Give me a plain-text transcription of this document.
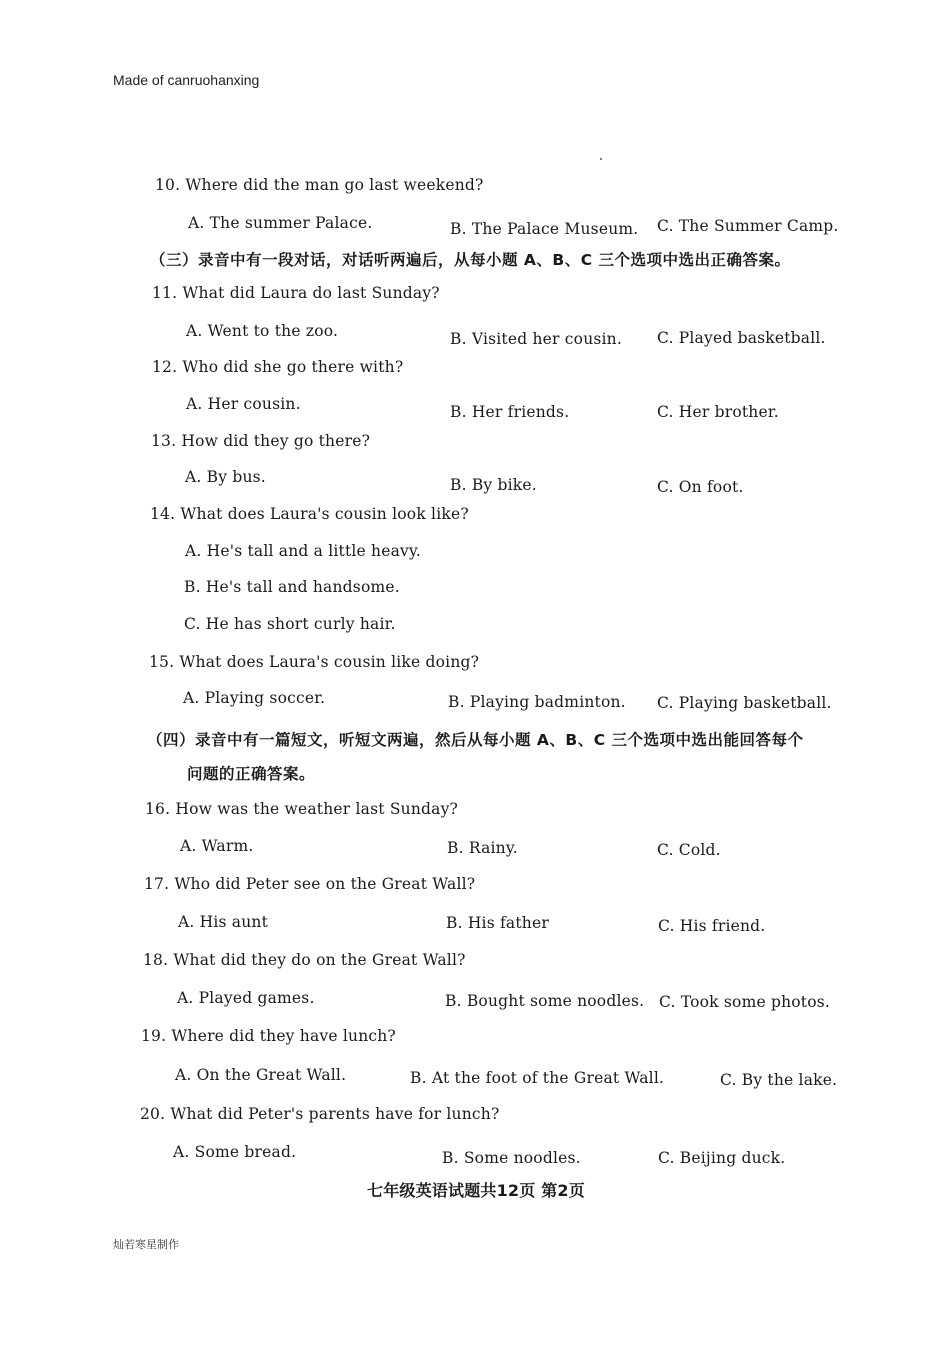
Made of canruohanxing
10. Where did the man go last weekend?
A. The summer Palace.	B. The Palace Museum. C. The Summer Camp.
（三）录音中有一段对话，对话听两遍后，从每小题 A、B、C 三个选项中选出正确答案。
11. What did Laura do last Sunday?
A. Went to the zoo.	B. Visited her cousin. C. Played basketball.
12. Who did she go there with?
A. Her cousin.	B. Her friends.	C. Her brother.
13. How did they go there?
A. By bus.	B. By bike.	C. On foot.
14. What does Laura's cousin look like?
A. He's tall and a little heavy.
B. He's tall and handsome.
C. He has short curly hair.
15. What does Laura's cousin like doing?
A. Playing soccer.	B. Playing badminton. C. Playing basketball.
（四）录音中有一篇短文，听短文两遍，然后从每小题 A、B、C 三个选项中选出能回答每个
问题的正确答案。
16. How was the weather last Sunday?
A. Warm.	B. Rainy.	C. Cold.
17. Who did Peter see on the Great Wall?
A. His aunt	B. His father	C. His friend.
18. What did they do on the Great Wall?
A. Played games.	B. Bought some noodles. C. Took some photos.
19. Where did they have lunch?
A. On the Great Wall.	B. At the foot of the Great Wall.	C. By the lake.
20. What did Peter's parents have for lunch?
A. Some bread.	B. Some noodles.	C. Beijing duck.
七年级英语试题共12页 第2页
灿若寒星制作
